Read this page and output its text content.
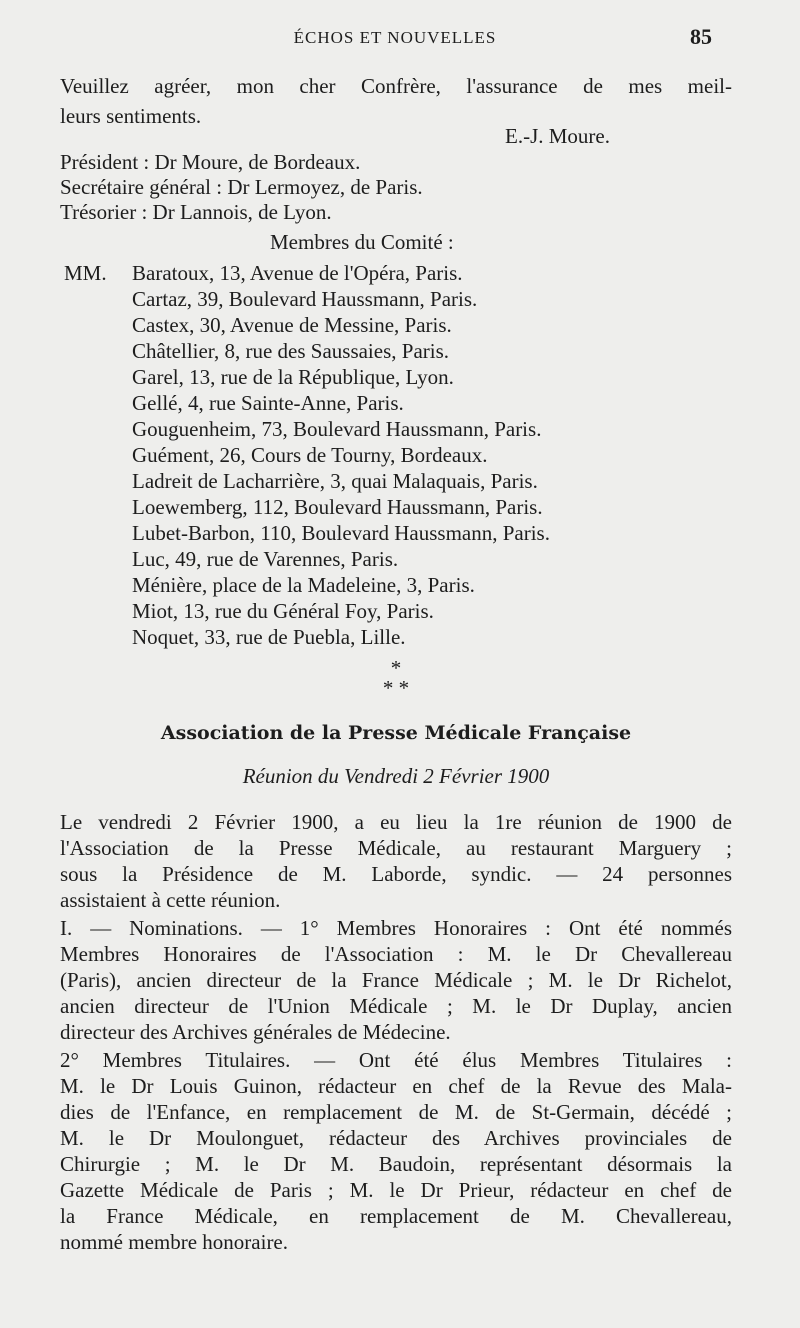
ÉCHOS ET NOUVELLES	85
Veuillez agréer, mon cher Confrère, l'assurance de mes meil-
leurs sentiments.
E.-J. Moure.
Président : Dr Moure, de Bordeaux.
Secrétaire général : Dr Lermoyez, de Paris.
Trésorier : Dr Lannois, de Lyon.
Membres du Comité :
MM. Baratoux, 13, Avenue de l'Opéra, Paris.
Cartaz, 39, Boulevard Haussmann, Paris.
Castex, 30, Avenue de Messine, Paris.
Châtellier, 8, rue des Saussaies, Paris.
Garel, 13, rue de la République, Lyon.
Gellé, 4, rue Sainte-Anne, Paris.
Gouguenheim, 73, Boulevard Haussmann, Paris.
Guément, 26, Cours de Tourny, Bordeaux.
Ladreit de Lacharrière, 3, quai Malaquais, Paris.
Loewemberg, 112, Boulevard Haussmann, Paris.
Lubet-Barbon, 110, Boulevard Haussmann, Paris.
Luc, 49, rue de Varennes, Paris.
Ménière, place de la Madeleine, 3, Paris.
Miot, 13, rue du Général Foy, Paris.
Noquet, 33, rue de Puebla, Lille.
*
* *
Association de la Presse Médicale Française
Réunion du Vendredi 2 Février 1900
Le vendredi 2 Février 1900, a eu lieu la 1re réunion de 1900 de
l'Association de la Presse Médicale, au restaurant Marguery ;
sous la Présidence de M. Laborde, syndic. — 24 personnes
assistaient à cette réunion.
I. — Nominations. — 1° Membres Honoraires : Ont été nommés
Membres Honoraires de l'Association : M. le Dr Chevallereau
(Paris), ancien directeur de la France Médicale ; M. le Dr Richelot,
ancien directeur de l'Union Médicale ; M. le Dr Duplay, ancien
directeur des Archives générales de Médecine.
2° Membres Titulaires. — Ont été élus Membres Titulaires :
M. le Dr Louis Guinon, rédacteur en chef de la Revue des Mala-
dies de l'Enfance, en remplacement de M. de St-Germain, décédé ;
M. le Dr Moulonguet, rédacteur des Archives provinciales de
Chirurgie ; M. le Dr M. Baudoin, représentant désormais la
Gazette Médicale de Paris ; M. le Dr Prieur, rédacteur en chef de
la France Médicale, en remplacement de M. Chevallereau,
nommé membre honoraire.
